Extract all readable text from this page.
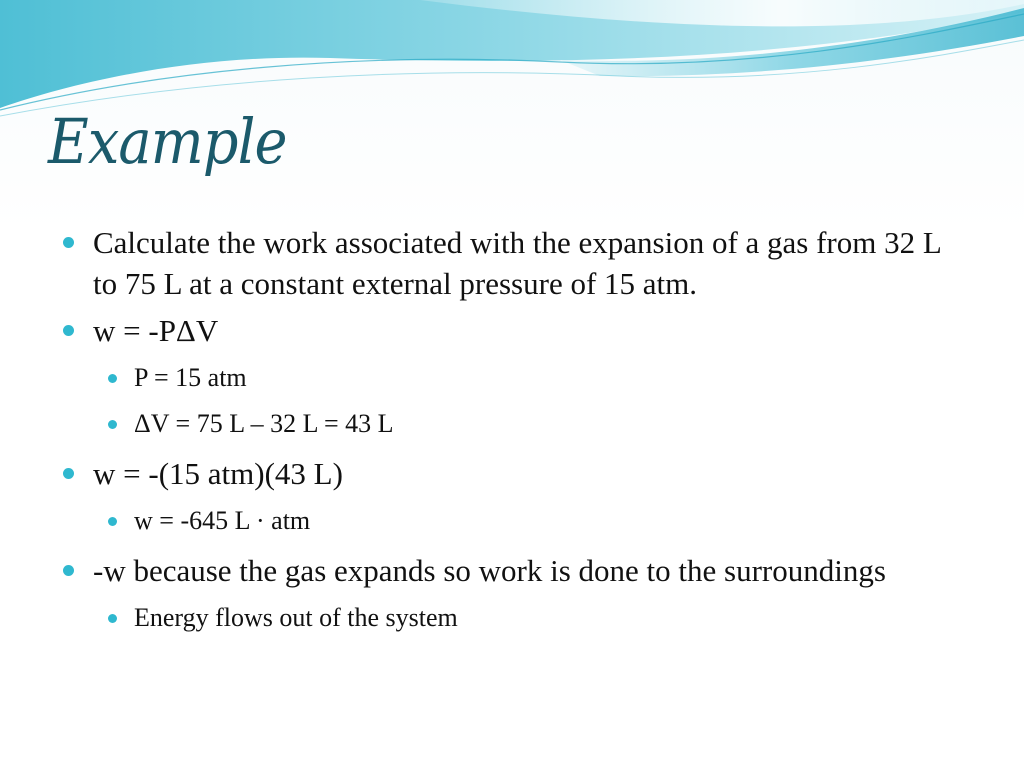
Example

Calculate the work associated with the expansion of a gas from 32 L to 75 L at a constant external pressure of 15 atm.

w = -PΔV

P = 15 atm

ΔV = 75 L – 32 L = 43 L

w = -(15 atm)(43 L)

w = -645 L · atm

-w because the gas expands so work is done to the surroundings

Energy flows out of the system
